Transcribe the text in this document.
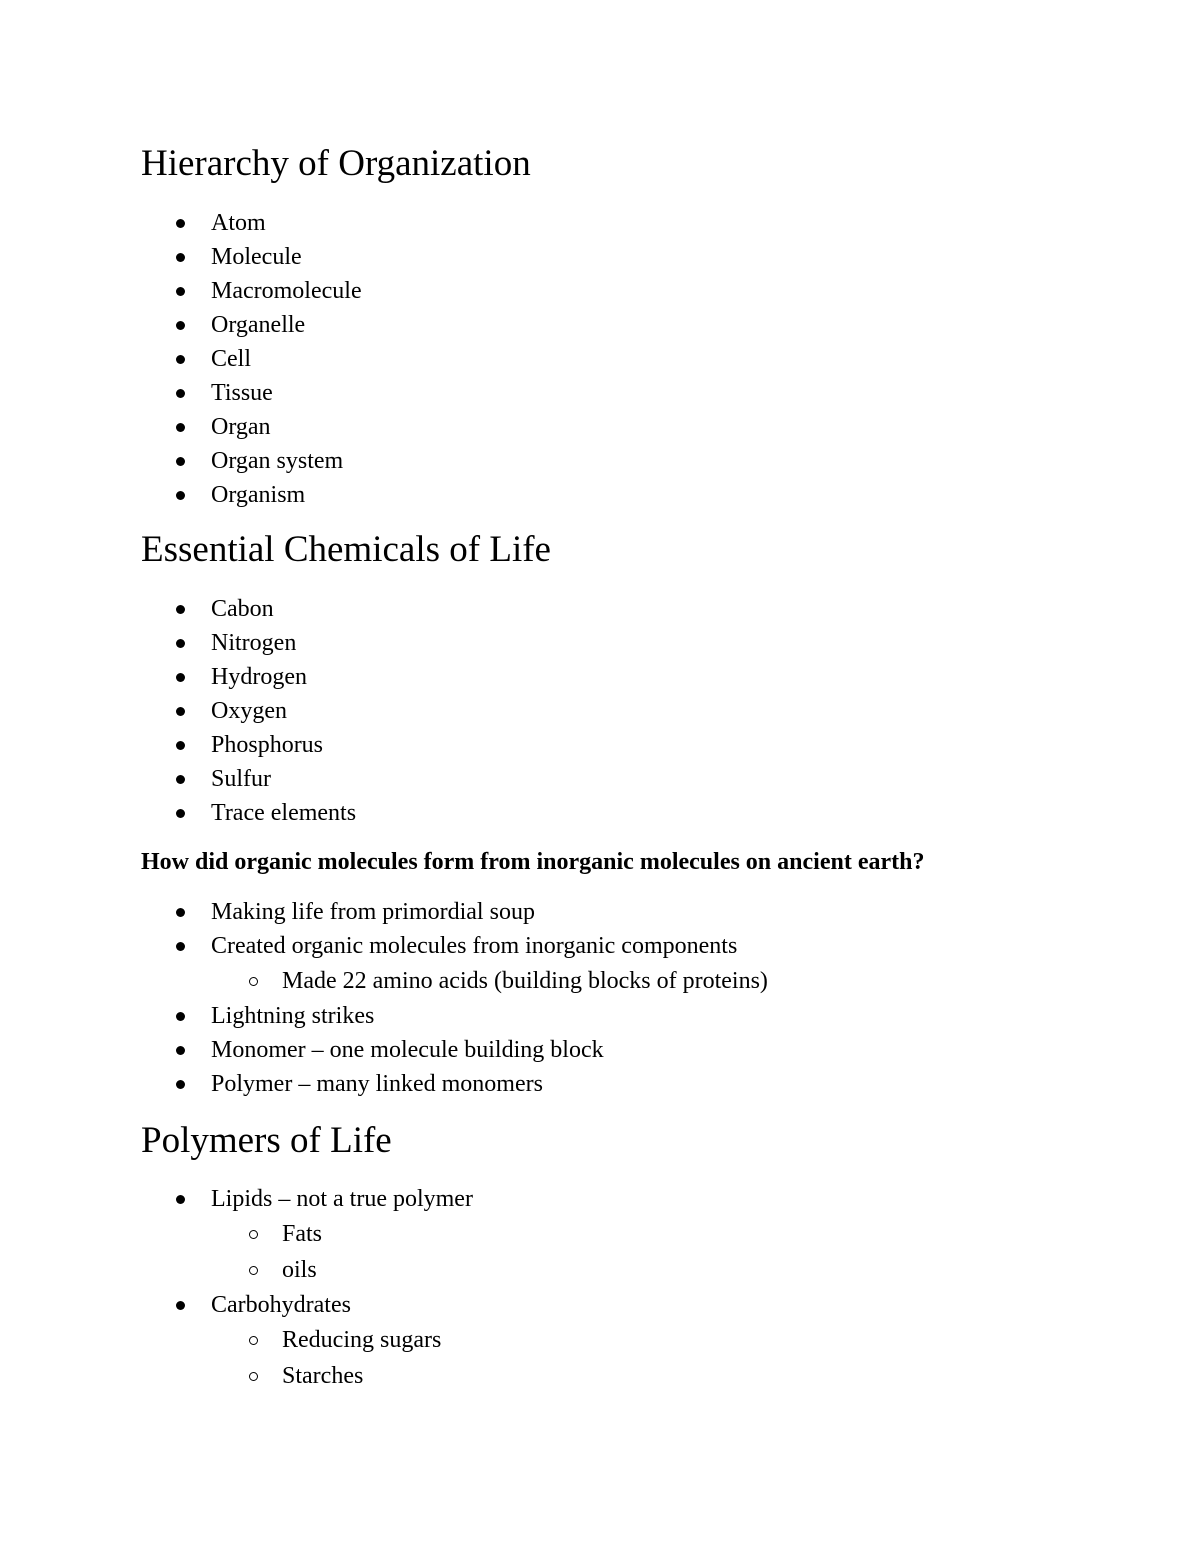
Hierarchy of Organization
Atom
Molecule
Macromolecule
Organelle
Cell
Tissue
Organ
Organ system
Organism
Essential Chemicals of Life
Cabon
Nitrogen
Hydrogen
Oxygen
Phosphorus
Sulfur
Trace elements

How did organic molecules form from inorganic molecules on ancient earth?

Making life from primordial soup
Created organic molecules from inorganic components
Made 22 amino acids (building blocks of proteins)
Lightning strikes
Monomer – one molecule building block
Polymer – many linked monomers
Polymers of Life
Lipids – not a true polymer
Fats
oils
Carbohydrates
Reducing sugars
Starches
